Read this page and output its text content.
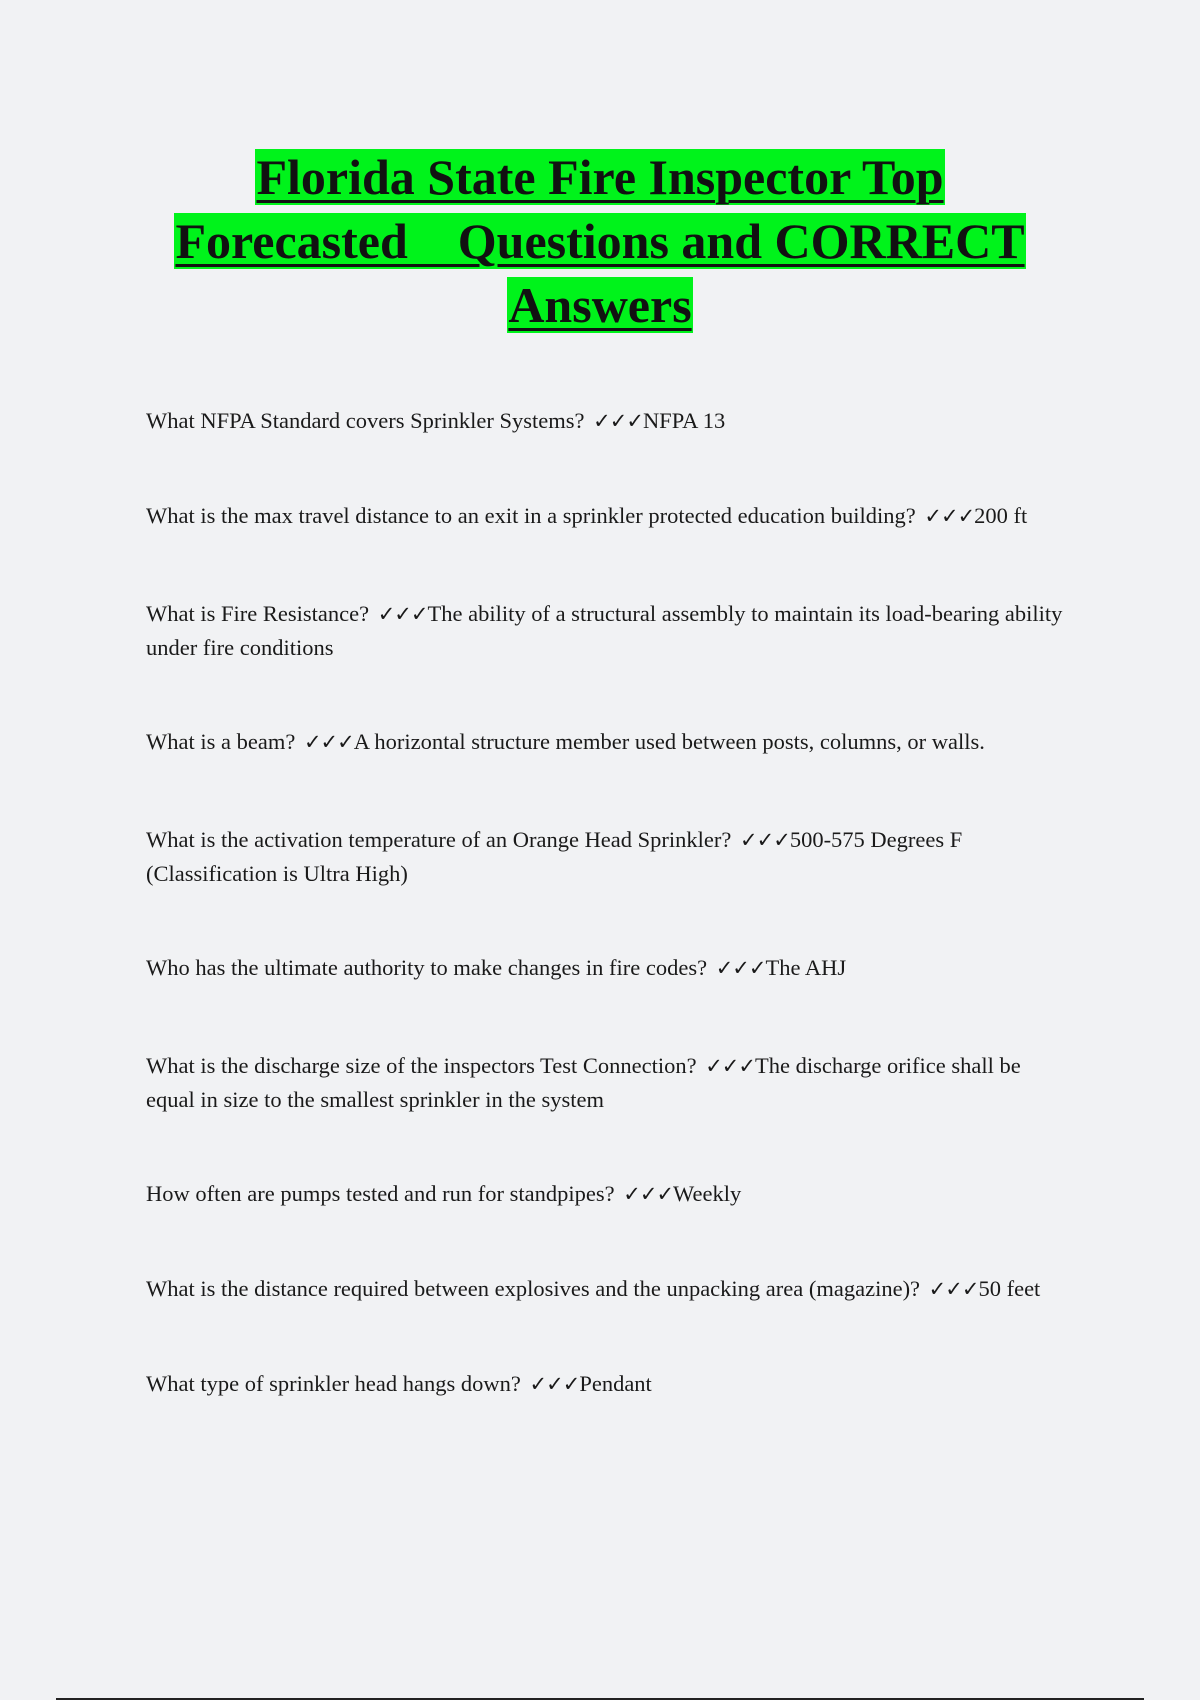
Florida State Fire Inspector Top
Forecasted    Questions and CORRECT
Answers

What NFPA Standard covers Sprinkler Systems? ✓✓✓NFPA 13

What is the max travel distance to an exit in a sprinkler protected education building? ✓✓✓200 ft

What is Fire Resistance? ✓✓✓The ability of a structural assembly to maintain its load-bearing ability under fire conditions

What is a beam? ✓✓✓A horizontal structure member used between posts, columns, or walls.

What is the activation temperature of an Orange Head Sprinkler? ✓✓✓500-575 Degrees F (Classification is Ultra High)

Who has the ultimate authority to make changes in fire codes? ✓✓✓The AHJ

What is the discharge size of the inspectors Test Connection? ✓✓✓The discharge orifice shall be equal in size to the smallest sprinkler in the system

How often are pumps tested and run for standpipes? ✓✓✓Weekly

What is the distance required between explosives and the unpacking area (magazine)? ✓✓✓50 feet

What type of sprinkler head hangs down? ✓✓✓Pendant
